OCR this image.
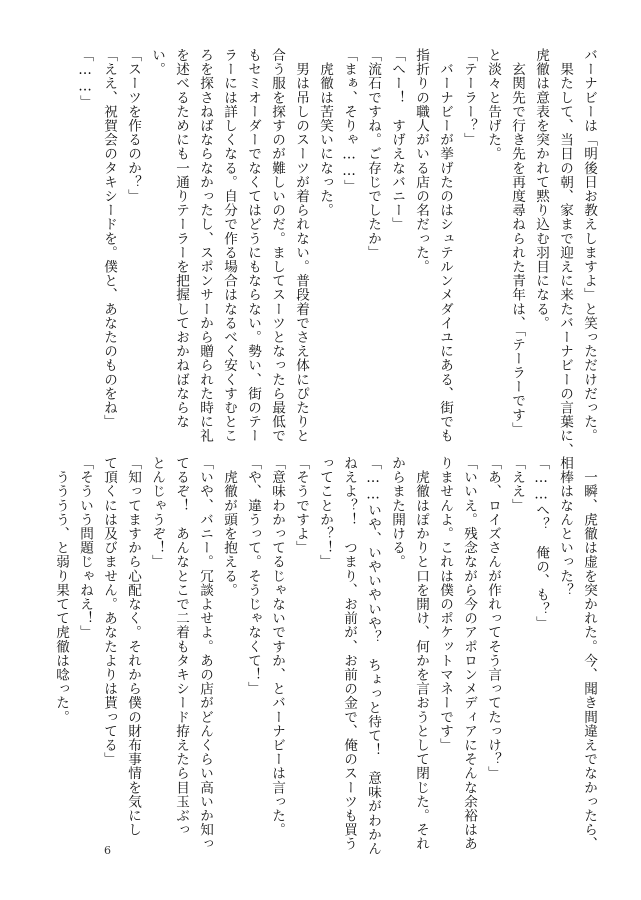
バーナビーは「明後日お教えしますよ」と笑っただけだった。
　果たして、当日の朝、家まで迎えに来たバーナビーの言葉に、
虎徹は意表を突かれて黙り込む羽目になる。
　玄関先で行き先を再度尋ねられた青年は、「テーラーです」
と淡々と告げた。
「テーラー？」
　バーナビーが挙げたのはシュテルンメダイユにある、街でも
指折りの職人がいる店の名だった。
「へー！　すげえなバニー」
「流石ですね。ご存じでしたか」
「まぁ、そりゃ……」
　虎徹は苦笑いになった。
　男は吊しのスーツが着られない。普段着でさえ体にぴたりと
合う服を探すのが難しいのだ。ましてスーツとなったら最低で
もセミオーダーでなくてはどうにもならない。勢い、街のテー
ラーには詳しくなる。自分で作る場合はなるべく安くすむとこ
ろを探さねばならなかったし、スポンサーから贈られた時に礼
を述べるためにも一通りテーラーを把握しておかねばならな
い。
「スーツを作るのか？」
「ええ、祝賀会のタキシードを。僕と、あなたのものをね」
「……」
　一瞬、虎徹は虚を突かれた。今、聞き間違えでなかったら、
相棒はなんといった？
「……へ？　俺の、も？」
「ええ」
「あ、ロイズさんが作れってそう言ってたっけ？」
「いいえ。残念ながら今のアポロンメディアにそんな余裕はあ
りませんよ。これは僕のポケットマネーです」
　虎徹はぽかりと口を開け、何かを言おうとして閉じた。それ
からまた開ける。
「……いや、いやいやいや？　ちょっと待て！　意味がわかん
ねえよ？！　つまり、お前が、お前の金で、俺のスーツも買う
ってことか？！」
「そうですよ」
「意味わかってるじゃないですか、とバーナビーは言った。
「や、違うって。そうじゃなくて！」
　虎徹が頭を抱える。
「いや、バニー。冗談よせよ。あの店がどんくらい高いか知っ
てるぞ！　あんなとこで二着もタキシード拵えたら目玉ぶっ
とんじゃうぞ！」
「知ってますから心配なく。それから僕の財布事情を気にし
て頂くには及びません。あなたよりは貰ってる」
「そういう問題じゃねえ！」
　うううう、と弱り果てて虎徹は唸った。
6
